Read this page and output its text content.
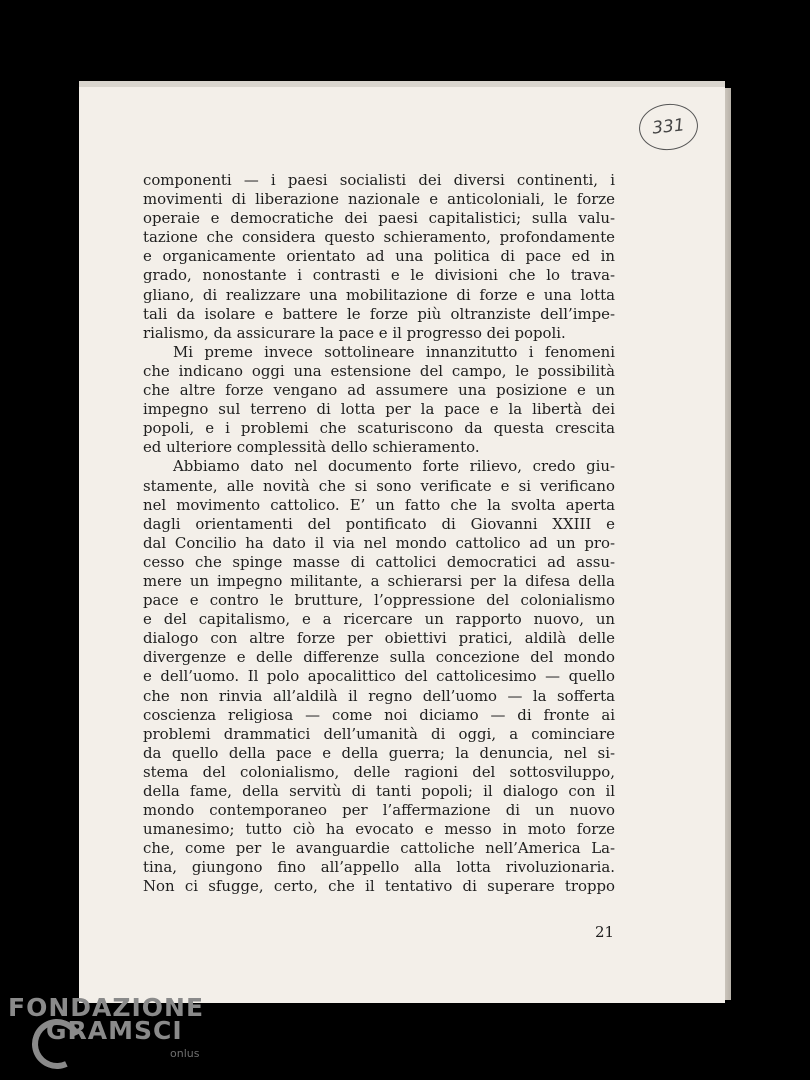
331
componenti — i paesi socialisti dei diversi continenti, i
movimenti di liberazione nazionale e anticoloniali, le forze
operaie e democratiche dei paesi capitalistici; sulla valu-
tazione che considera questo schieramento, profondamente
e organicamente orientato ad una politica di pace ed in
grado, nonostante i contrasti e le divisioni che lo trava-
gliano, di realizzare una mobilitazione di forze e una lotta
tali da isolare e battere le forze più oltranziste dell’impe-
rialismo, da assicurare la pace e il progresso dei popoli.
Mi preme invece sottolineare innanzitutto i fenomeni
che indicano oggi una estensione del campo, le possibilità
che altre forze vengano ad assumere una posizione e un
impegno sul terreno di lotta per la pace e la libertà dei
popoli, e i problemi che scaturiscono da questa crescita
ed ulteriore complessità dello schieramento.
Abbiamo dato nel documento forte rilievo, credo giu-
stamente, alle novità che si sono verificate e si verificano
nel movimento cattolico. E’ un fatto che la svolta aperta
dagli orientamenti del pontificato di Giovanni XXIII e
dal Concilio ha dato il via nel mondo cattolico ad un pro-
cesso che spinge masse di cattolici democratici ad assu-
mere un impegno militante, a schierarsi per la difesa della
pace e contro le brutture, l’oppressione del colonialismo
e del capitalismo, e a ricercare un rapporto nuovo, un
dialogo con altre forze per obiettivi pratici, aldilà delle
divergenze e delle differenze sulla concezione del mondo
e dell’uomo. Il polo apocalittico del cattolicesimo — quello
che non rinvia all’aldilà il regno dell’uomo — la sofferta
coscienza religiosa — come noi diciamo — di fronte ai
problemi drammatici dell’umanità di oggi, a cominciare
da quello della pace e della guerra; la denuncia, nel si-
stema del colonialismo, delle ragioni del sottosviluppo,
della fame, della servitù di tanti popoli; il dialogo con il
mondo contemporaneo per l’affermazione di un nuovo
umanesimo; tutto ciò ha evocato e messo in moto forze
che, come per le avanguardie cattoliche nell’America La-
tina, giungono fino all’appello alla lotta rivoluzionaria.
Non ci sfugge, certo, che il tentativo di superare troppo
21
FONDAZIONE
GRAMSCI
onlus
